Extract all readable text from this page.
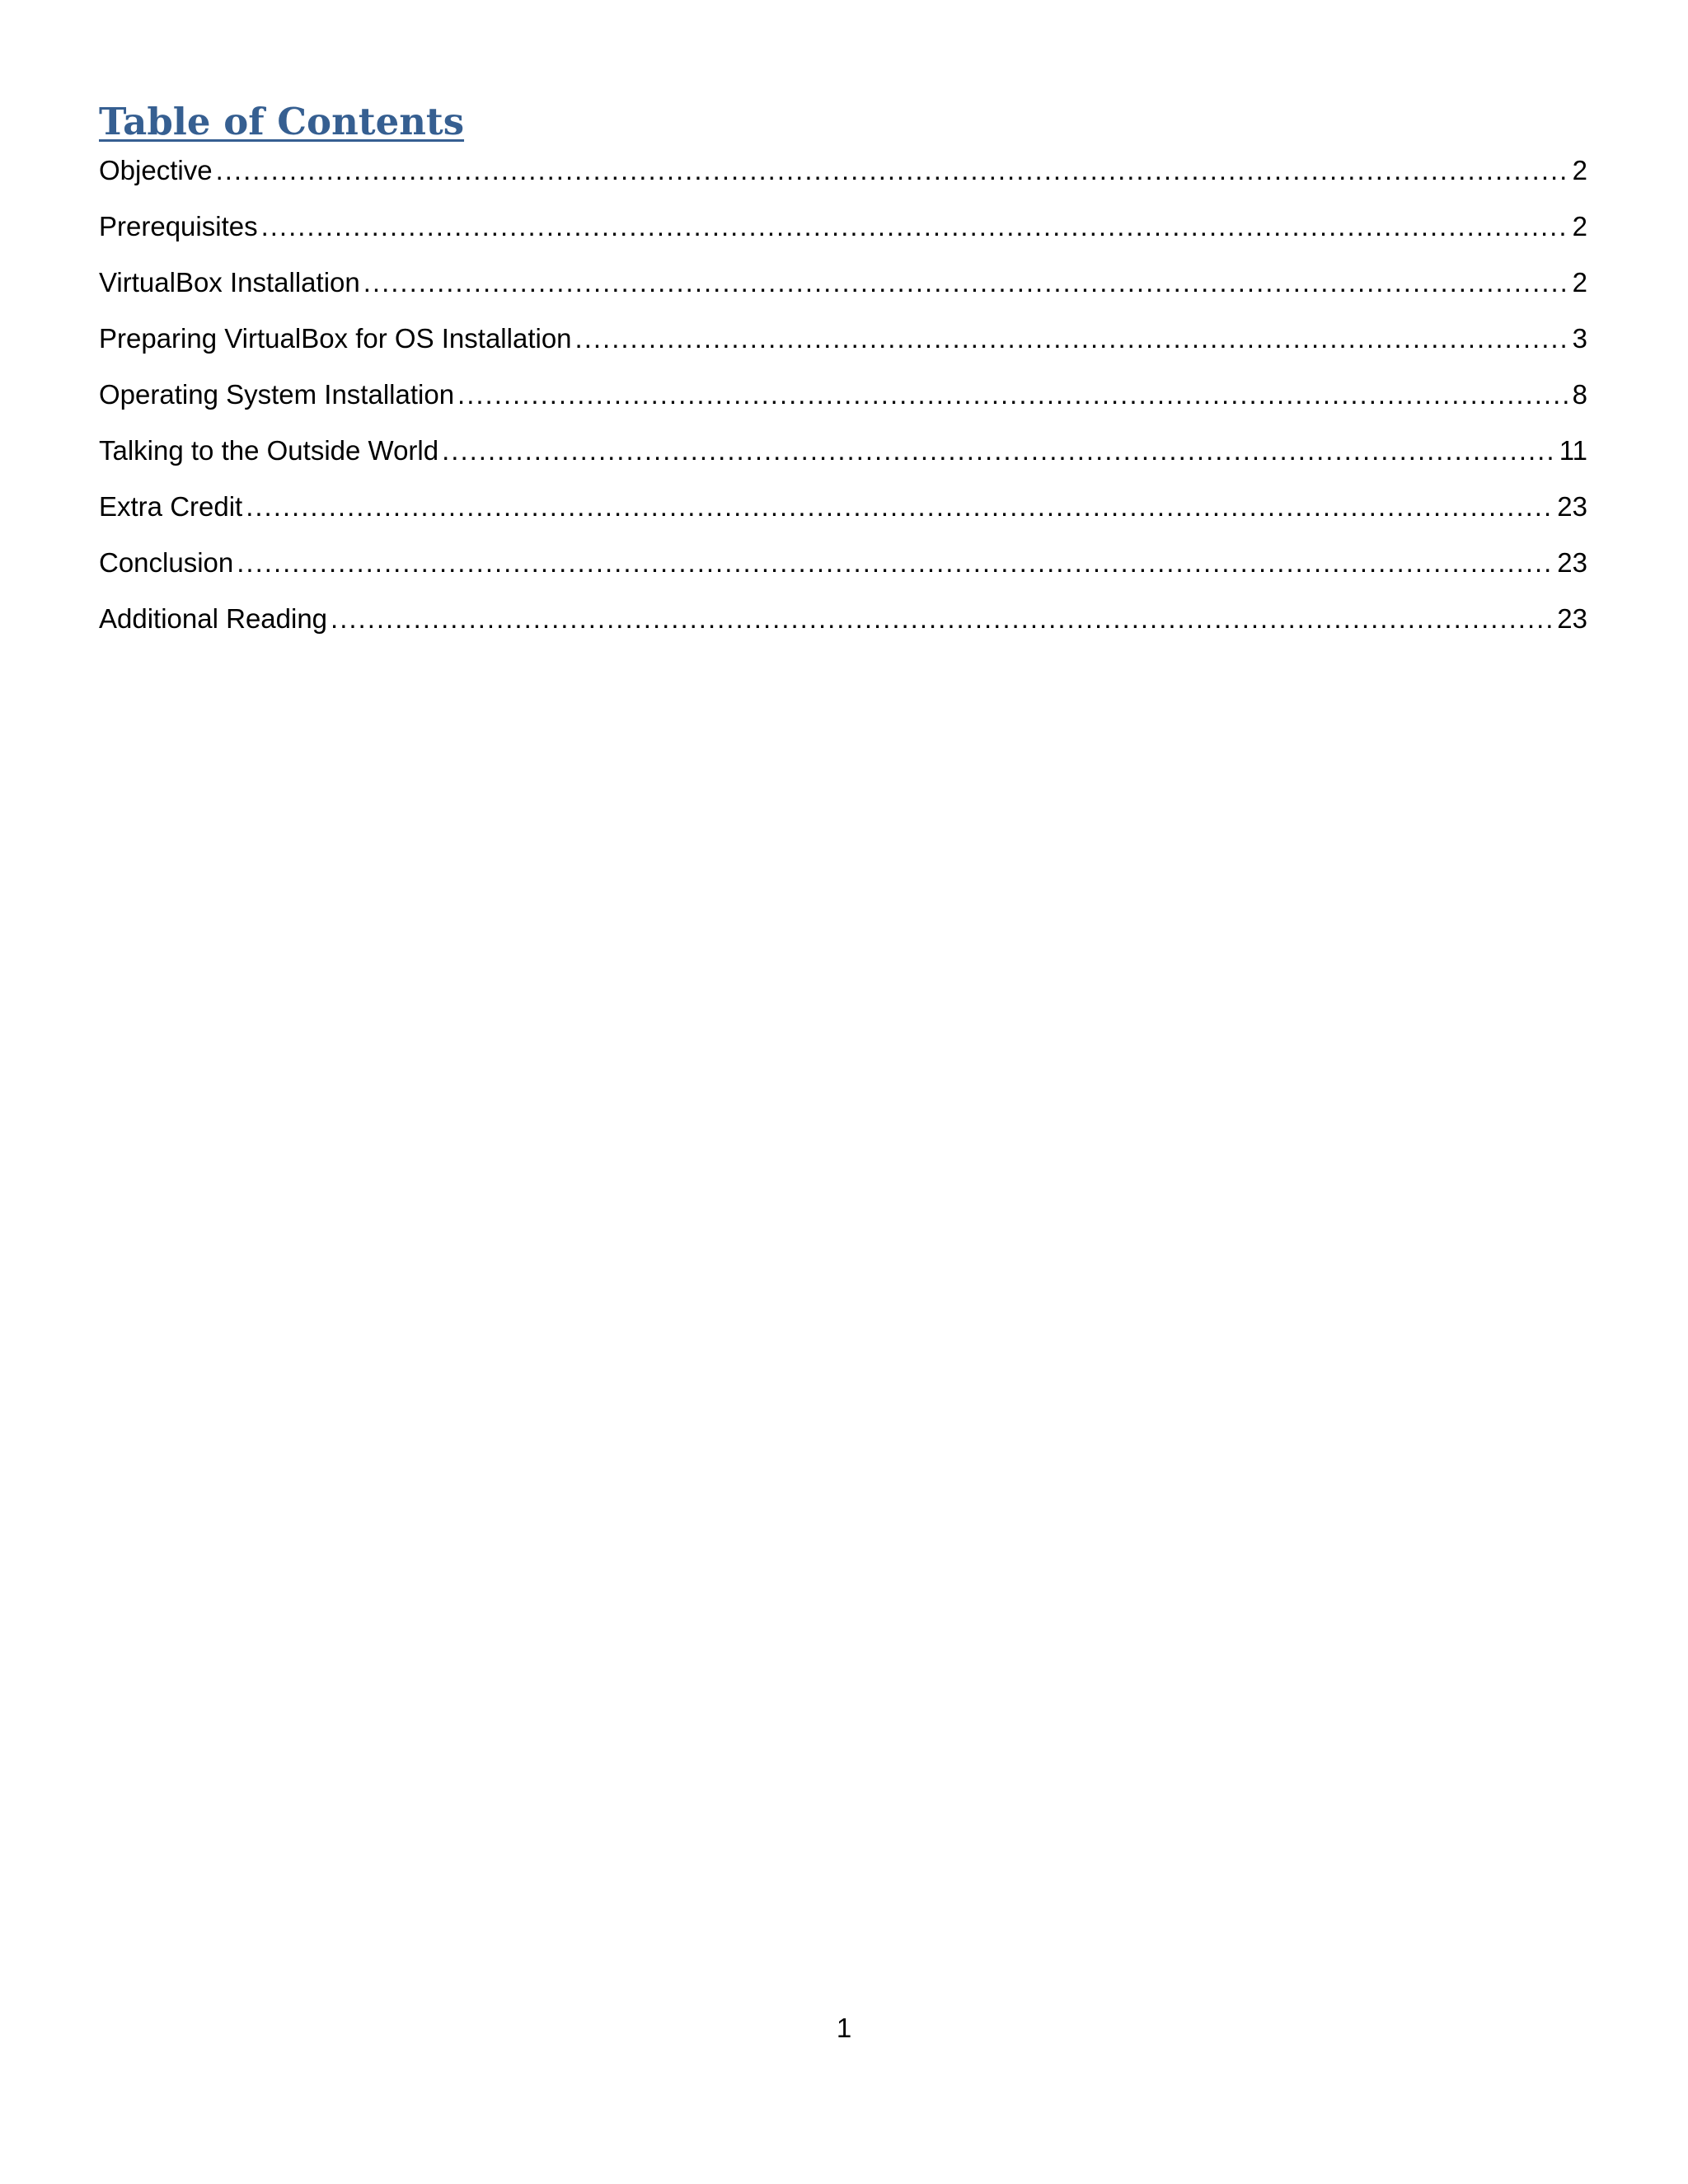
Table of Contents
Objective .....	2
Prerequisites .....	2
VirtualBox Installation .....	2
Preparing VirtualBox for OS Installation .....	3
Operating System Installation .....	8
Talking to the Outside World .....	11
Extra Credit .....	23
Conclusion .....	23
Additional Reading .....	23
1
